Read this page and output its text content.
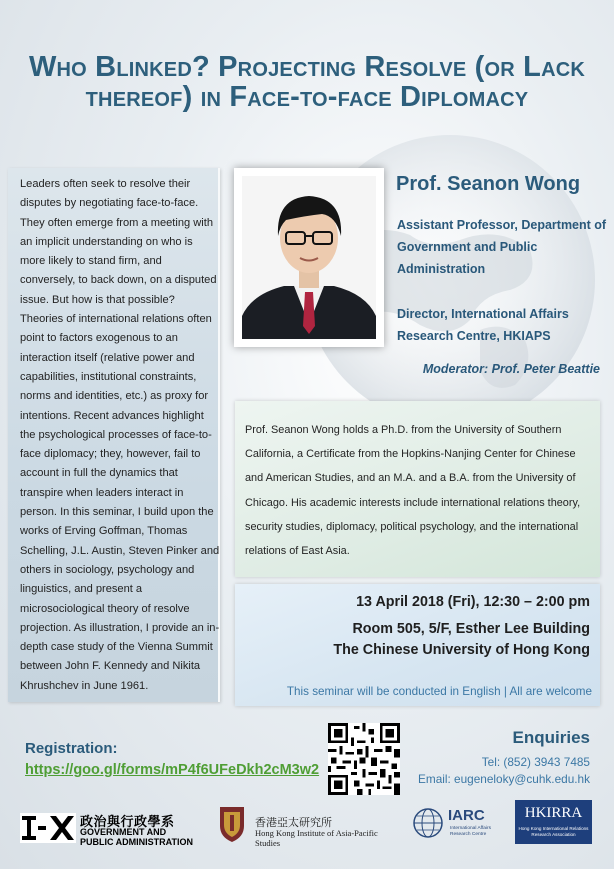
Who Blinked? Projecting Resolve (or Lack thereof) in Face-to-face Diplomacy

Leaders often seek to resolve their disputes by negotiating face-to-face. They often emerge from a meeting with an implicit understanding on who is more likely to stand firm, and conversely, to back down, on a disputed issue. But how is that possible? Theories of international relations often point to factors exogenous to an interaction itself (relative power and capabilities, institutional constraints, norms and identities, etc.) as proxy for intentions. Recent advances highlight the psychological processes of face-to-face diplomacy; they, however, fail to account in full the dynamics that transpire when leaders interact in person. In this seminar, I build upon the works of Erving Goffman, Thomas Schelling, J.L. Austin, Steven Pinker and others in sociology, psychology and linguistics, and present a microsociological theory of resolve projection. As illustration, I provide an in-depth case study of the Vienna Summit between John F. Kennedy and Nikita Khrushchev in June 1961.

Prof. Seanon Wong

Assistant Professor, Department of Government and Public Administration

Director, International Affairs Research Centre, HKIAPS

Moderator: Prof. Peter Beattie

Prof. Seanon Wong holds a Ph.D. from the University of Southern California, a Certificate from the Hopkins-Nanjing Center for Chinese and American Studies, and an M.A. and a B.A. from the University of Chicago. His academic interests include international relations theory, security studies, diplomacy, political psychology, and the international relations of East Asia.

13 April 2018 (Fri), 12:30 – 2:00 pm
Room 505, 5/F, Esther Lee Building
The Chinese University of Hong Kong
This seminar will be conducted in English | All are welcome
Registration:
https://goo.gl/forms/mP4f6UFeDkh2cM3w2
Enquiries
Tel: (852) 3943 7485
Email: eugeneloky@cuhk.edu.hk
政治與行政學系
GOVERNMENT AND
PUBLIC ADMINISTRATION
香港亞太研究所
Hong Kong Institute of Asia-Pacific Studies
IARC
International Affairs Research Centre
HKIRRA
Hong Kong International Relations Research Association
